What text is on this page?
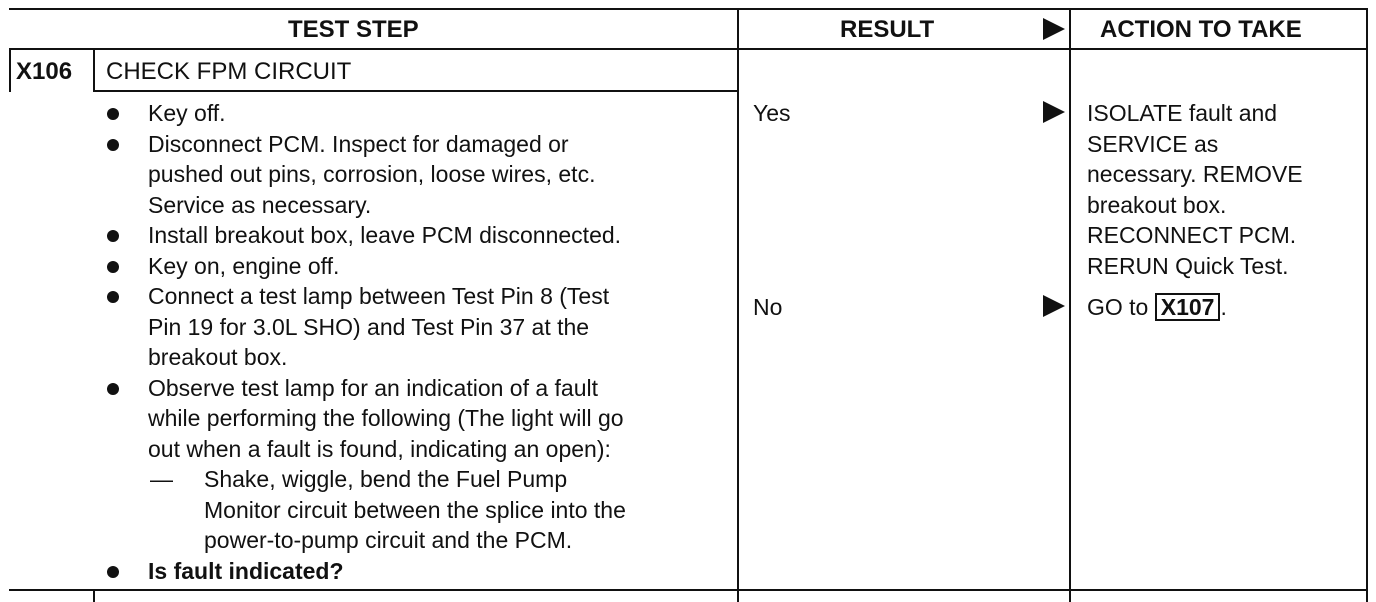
TEST STEP	RESULT	ACTION TO TAKE
X106 CHECK FPM CIRCUIT
Key off.
Disconnect PCM. Inspect for damaged or
pushed out pins, corrosion, loose wires, etc.
Service as necessary.
Install breakout box, leave PCM disconnected.
Key on, engine off.
Connect a test lamp between Test Pin 8 (Test
Pin 19 for 3.0L SHO) and Test Pin 37 at the
breakout box.
Observe test lamp for an indication of a fault
while performing the following (The light will go
out when a fault is found, indicating an open):
— Shake, wiggle, bend the Fuel Pump
Monitor circuit between the splice into the
power-to-pump circuit and the PCM.
Is fault indicated?
Yes	ISOLATE fault and
SERVICE as
necessary. REMOVE
breakout box.
RECONNECT PCM.
RERUN Quick Test.
No	GO to X107 .
